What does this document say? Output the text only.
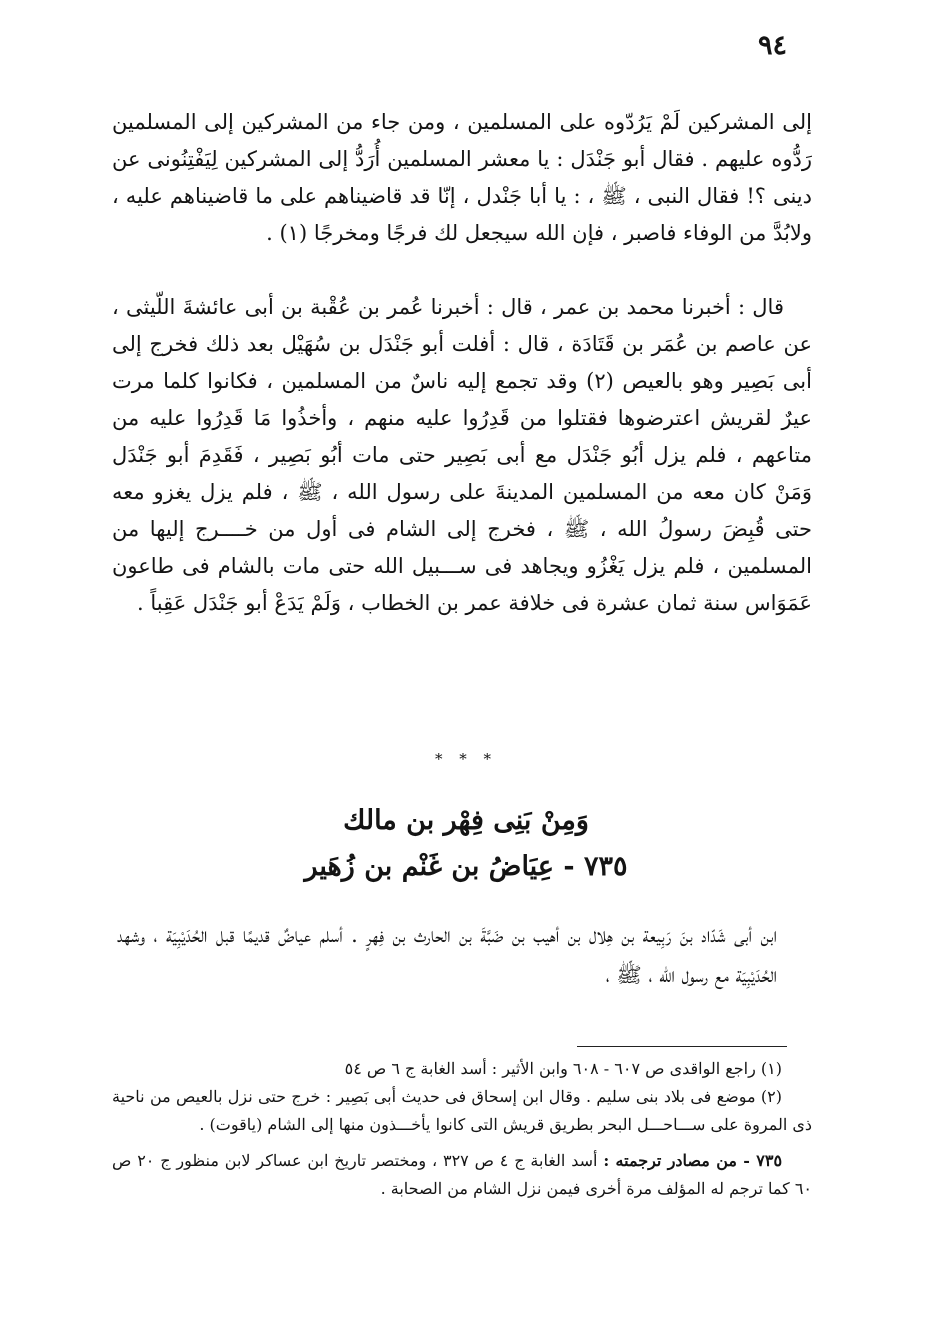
٩٤
إلى المشركين لَمْ يَرُدّوه على المسلمين ، ومن جاء من المشركين إلى المسلمين رَدُّوه عليهم . فقال أبو جَنْدَل : يا معشر المسلمين أُرَدُّ إلى المشركين لِيَفْتِنُونى عن دينى ؟! فقال النبى ، ﷺ ، : يا أبا جَنْدل ، إنّا قد قاضيناهم على ما قاضيناهم عليه ، ولابُدَّ من الوفاء فاصبر ، فإن الله سيجعل لك فرجًا ومخرجًا (١) .
قال : أخبرنا محمد بن عمر ، قال : أخبرنا عُمر بن عُقْبة بن أبى عائشةَ اللّيثى ، عن عاصم بن عُمَر بن قَتَادَة ، قال : أفلت أبو جَنْدَل بن سُهَيْل بعد ذلك فخرج إلى أبى بَصِير وهو بالعيص (٢) وقد تجمع إليه ناسٌ من المسلمين ، فكانوا كلما مرت عيرٌ لقريش اعترضوها فقتلوا من قَدِرُوا عليه منهم ، وأخذُوا مَا قَدِرُوا عليه من متاعهم ، فلم يزل أبُو جَنْدَل مع أبى بَصِير حتى مات أبُو بَصِير ، فَقَدِمَ أبو جَنْدَل وَمَنْ كان معه من المسلمين المدينةَ على رسول الله ، ﷺ ، فلم يزل يغزو معه حتى قُبِضَ رسولُ الله ، ﷺ ، فخرج إلى الشام فى أول من خــــرج إليها من المسلمين ، فلم يزل يَغْزُو ويجاهد فى ســـبيل الله حتى مات بالشام فى طاعون عَمَوَاس سنة ثمان عشرة فى خلافة عمر بن الخطاب ، وَلَمْ يَدَعْ أبو جَنْدَل عَقِباً .
* * *
وَمِنْ بَنِى فِهْر بن مالك
٧٣٥ - عِيَاضُ بن غَنْم بن زُهَير
ابن أبى شَدّاد بنَ رَبِيعة بن هِلال بن أهيب بن ضَبَّةَ بن الحارث بن فِهرٍ . أسلم عياضٌ قديمًا قبل الحُدَيْبِيَة ، وشهد الحُدَيْبِيَة مع رسول الله ، ﷺ ،

(١) راجع الواقدى ص ٦٠٧ - ٦٠٨ وابن الأثير : أسد الغابة ج ٦ ص ٥٤

(٢) موضع فى بلاد بنى سليم . وقال ابن إسحاق فى حديث أبى بَصِير : خرج حتى نزل بالعيص من ناحية ذى المروة على ســـاحـــل البحر بطريق قريش التى كانوا يأخـــذون منها إلى الشام (ياقوت) .

٧٣٥ - من مصادر ترجمته : أسد الغابة ج ٤ ص ٣٢٧ ، ومختصر تاريخ ابن عساكر لابن منظور ج ٢٠ ص ٦٠ كما ترجم له المؤلف مرة أخرى فيمن نزل الشام من الصحابة .
